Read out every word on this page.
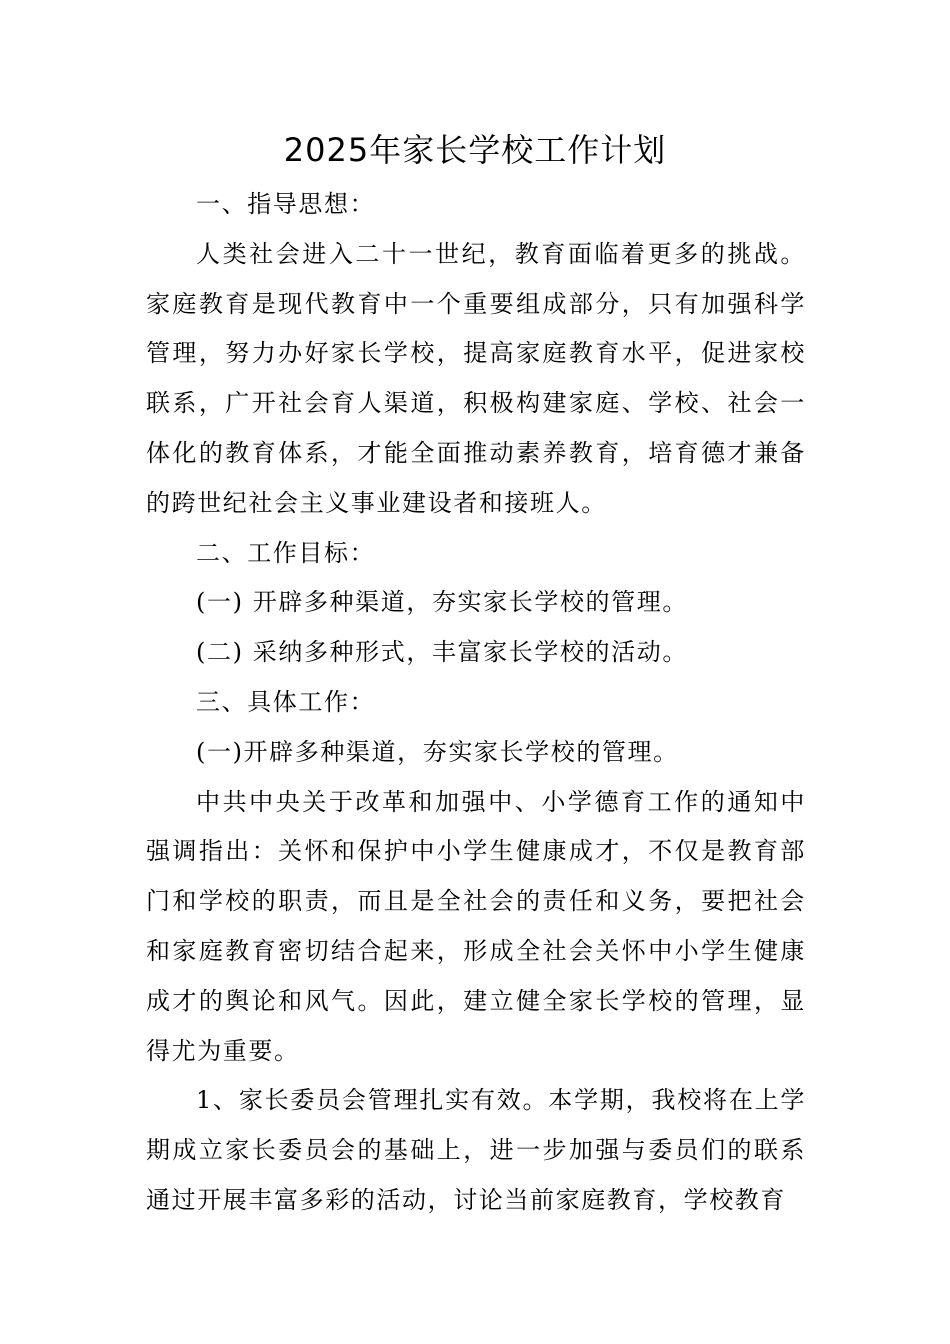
2025年家长学校工作计划

一、指导思想：

人类社会进入二十一世纪，教育面临着更多的挑战。家庭教育是现代教育中一个重要组成部分，只有加强科学管理，努力办好家长学校，提高家庭教育水平，促进家校联系，广开社会育人渠道，积极构建家庭、学校、社会一体化的教育体系，才能全面推动素养教育，培育德才兼备的跨世纪社会主义事业建设者和接班人。

二、工作目标：

(一) 开辟多种渠道，夯实家长学校的管理。

(二) 采纳多种形式，丰富家长学校的活动。

三、具体工作：

(一)开辟多种渠道，夯实家长学校的管理。

中共中央关于改革和加强中、小学德育工作的通知中强调指出：关怀和保护中小学生健康成才，不仅是教育部门和学校的职责，而且是全社会的责任和义务，要把社会和家庭教育密切结合起来，形成全社会关怀中小学生健康成才的舆论和风气。因此，建立健全家长学校的管理，显得尤为重要。

1、家长委员会管理扎实有效。本学期，我校将在上学期成立家长委员会的基础上，进一步加强与委员们的联系通过开展丰富多彩的活动，讨论当前家庭教育，学校教育
